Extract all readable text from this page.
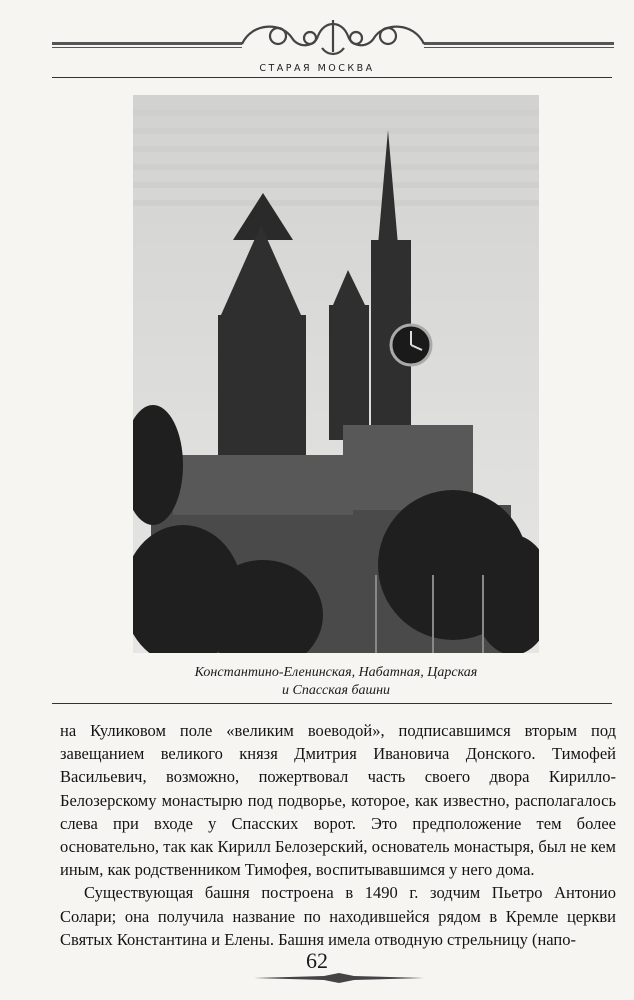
СТАРАЯ МОСКВА
Константино-Еленинская, Набатная, Царская
и Спасская башни

на Куликовом поле «великим воеводой», подписавшимся вторым под завещанием великого князя Дмитрия Ивановича Донского. Тимофей Васильевич, возможно, пожертвовал часть своего двора Кирилло-Белозерскому монастырю под подворье, которое, как известно, располагалось слева при входе у Спасских ворот. Это предположение тем более основательно, так как Кирилл Белозерский, основатель монастыря, был не кем иным, как родственником Тимофея, воспитывавшимся у него дома.

Существующая башня построена в 1490 г. зодчим Пьетро Антонио Солари; она получила название по находившейся рядом в Кремле церкви Святых Константина и Елены. Башня имела отводную стрельницу (напо-

62
